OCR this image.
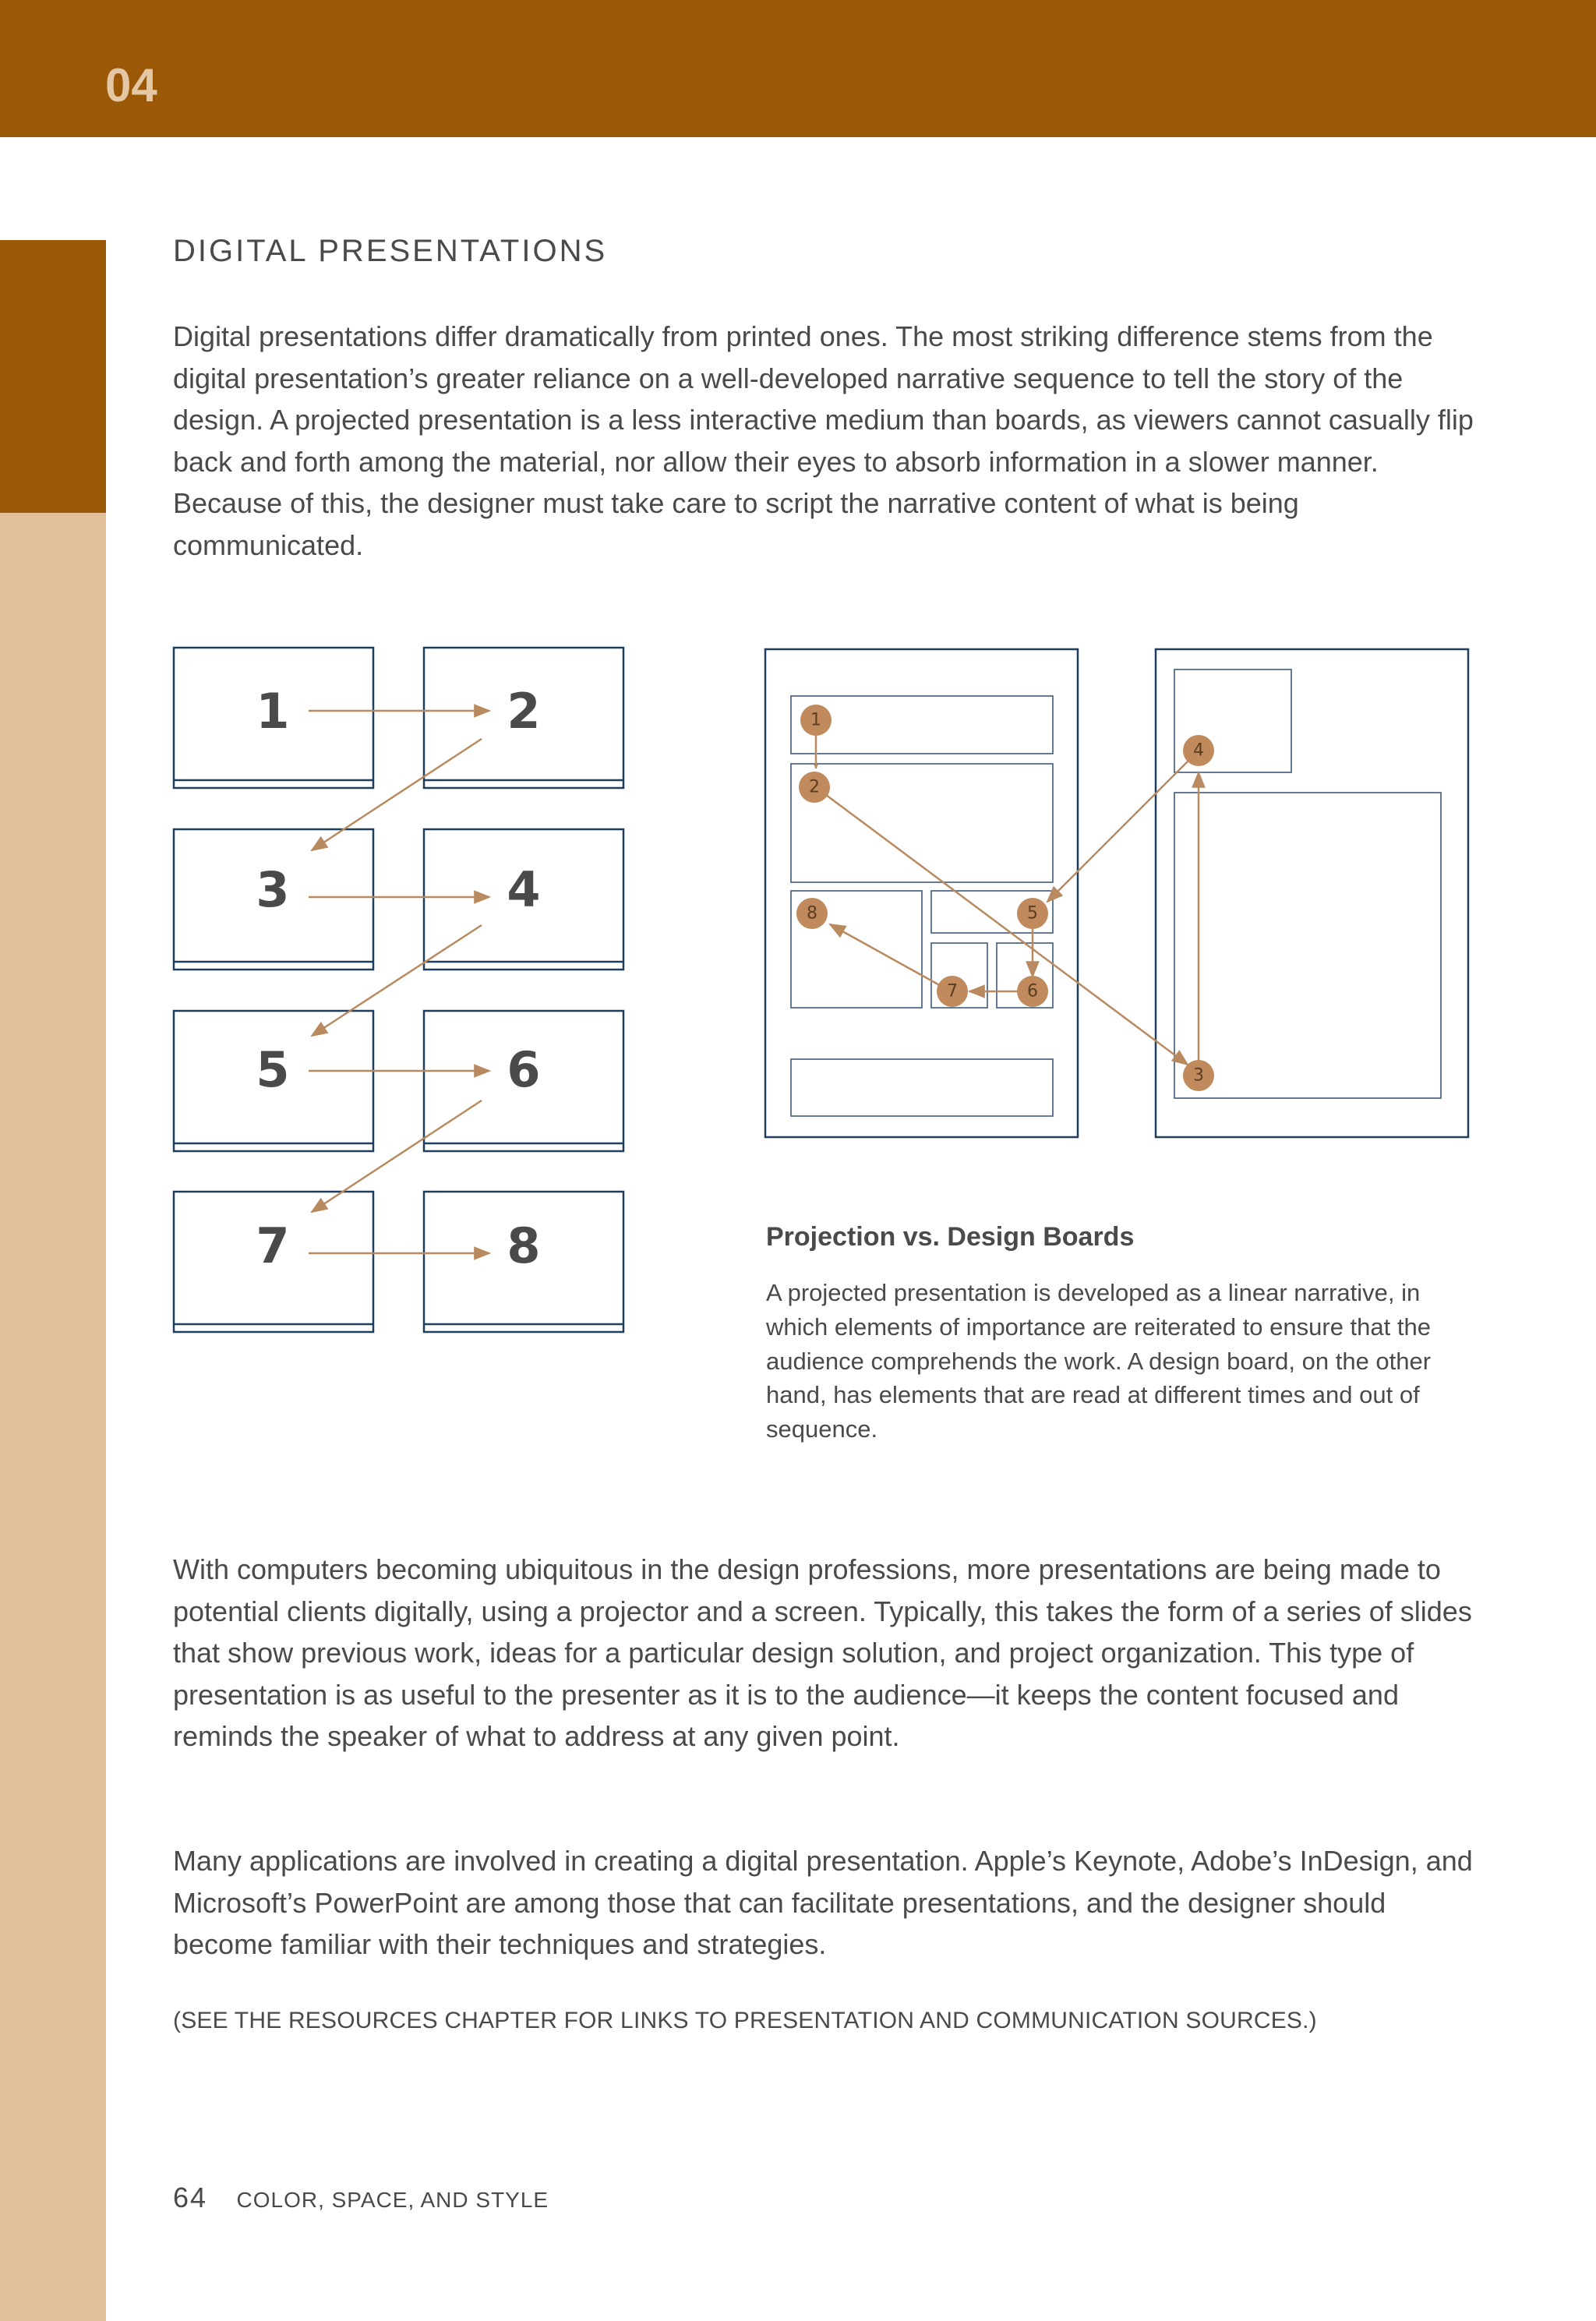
04
DIGITAL PRESENTATIONS

Digital presentations differ dramatically from printed ones. The most striking difference stems from the digital presentation’s greater reliance on a well-developed narrative sequence to tell the story of the design. A projected presentation is a less interactive medium than boards, as viewers cannot casually flip back and forth among the material, nor allow their eyes to absorb information in a slower manner. Because of this, the designer must take care to script the narrative content of what is being communicated.

1	2
3	4
5	6
7	8
1
2
3
4
5
6
7
8
Projection vs. Design Boards

A projected presentation is developed as a linear narrative, in which elements of importance are reiterated to ensure that the audience comprehends the work. A design board, on the other hand, has elements that are read at different times and out of sequence.

With computers becoming ubiquitous in the design professions, more presentations are being made to potential clients digitally, using a projector and a screen. Typically, this takes the form of a series of slides that show previous work, ideas for a particular design solution, and project organization. This type of presentation is as useful to the presenter as it is to the audience—it keeps the content focused and reminds the speaker of what to address at any given point.

Many applications are involved in creating a digital presentation. Apple’s Keynote, Adobe’s InDesign, and Microsoft’s PowerPoint are among those that can facilitate presentations, and the designer should become familiar with their techniques and strategies.

(SEE THE RESOURCES CHAPTER FOR LINKS TO PRESENTATION AND COMMUNICATION SOURCES.)
64 COLOR, SPACE, AND STYLE
